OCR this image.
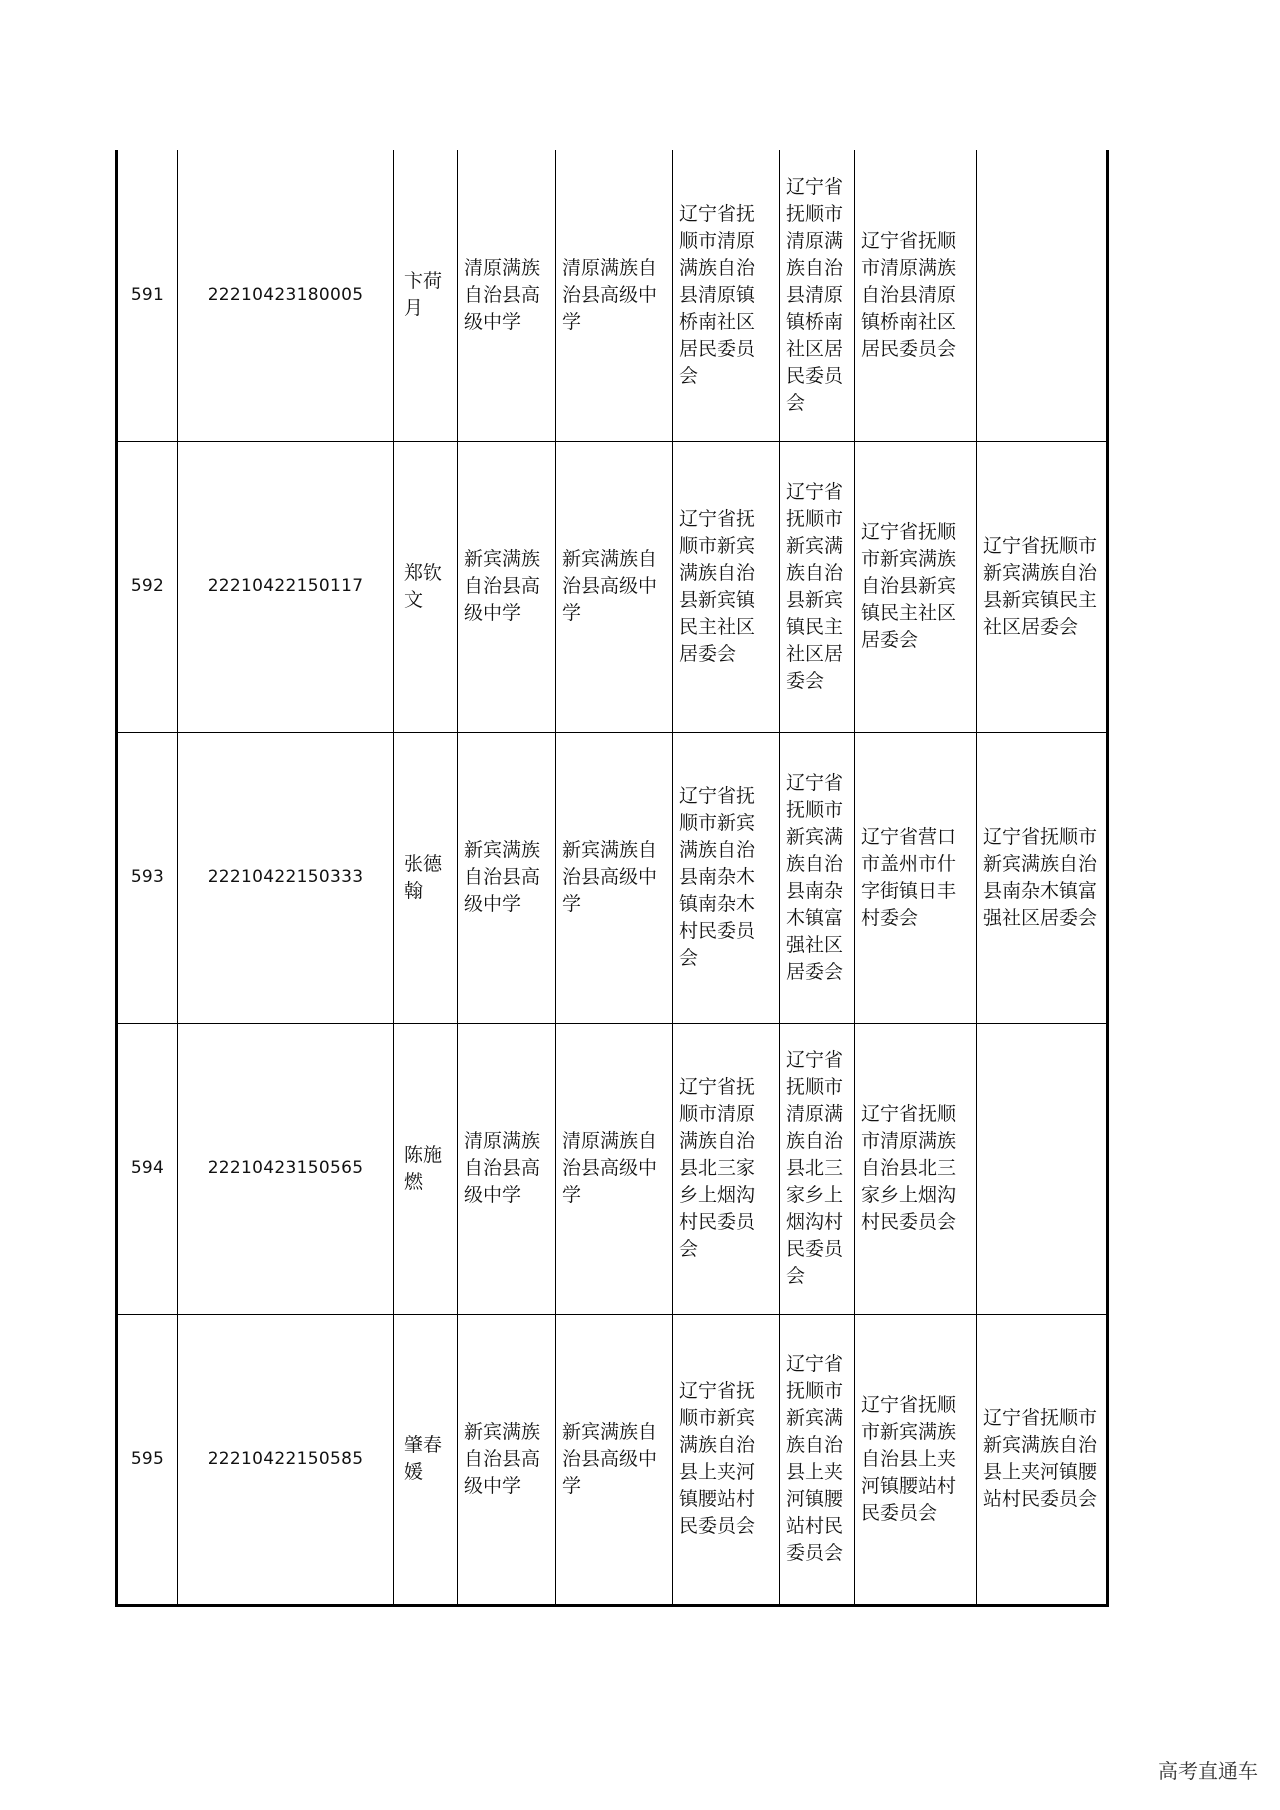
591	22210423180005	卞荷月	清原满族自治县高级中学	清原满族自治县高级中学	辽宁省抚顺市清原满族自治县清原镇桥南社区居民委员会	辽宁省抚顺市清原满族自治县清原镇桥南社区居民委员会	辽宁省抚顺市清原满族自治县清原镇桥南社区居民委员会	
592	22210422150117	郑钦文	新宾满族自治县高级中学	新宾满族自治县高级中学	辽宁省抚顺市新宾满族自治县新宾镇民主社区居委会	辽宁省抚顺市新宾满族自治县新宾镇民主社区居委会	辽宁省抚顺市新宾满族自治县新宾镇民主社区居委会	辽宁省抚顺市新宾满族自治县新宾镇民主社区居委会
593	22210422150333	张德翰	新宾满族自治县高级中学	新宾满族自治县高级中学	辽宁省抚顺市新宾满族自治县南杂木镇南杂木村民委员会	辽宁省抚顺市新宾满族自治县南杂木镇富强社区居委会	辽宁省营口市盖州市什字街镇日丰村委会	辽宁省抚顺市新宾满族自治县南杂木镇富强社区居委会
594	22210423150565	陈施燃	清原满族自治县高级中学	清原满族自治县高级中学	辽宁省抚顺市清原满族自治县北三家乡上烟沟村民委员会	辽宁省抚顺市清原满族自治县北三家乡上烟沟村民委员会	辽宁省抚顺市清原满族自治县北三家乡上烟沟村民委员会	
595	22210422150585	肇春媛	新宾满族自治县高级中学	新宾满族自治县高级中学	辽宁省抚顺市新宾满族自治县上夹河镇腰站村民委员会	辽宁省抚顺市新宾满族自治县上夹河镇腰站村民委员会	辽宁省抚顺市新宾满族自治县上夹河镇腰站村民委员会	辽宁省抚顺市新宾满族自治县上夹河镇腰站村民委员会
高考直通车
